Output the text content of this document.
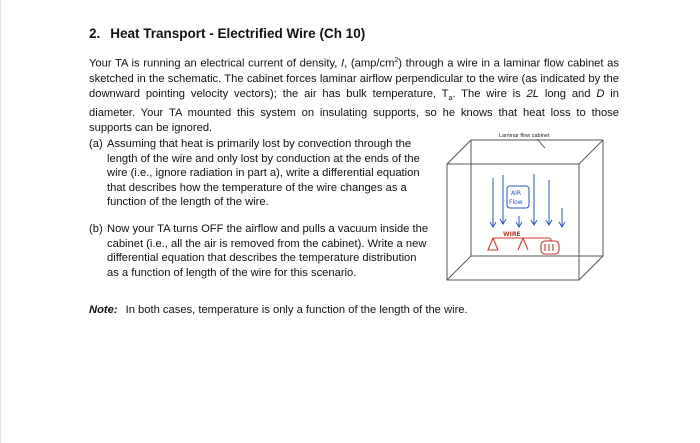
2. Heat Transport - Electrified Wire (Ch 10)
Your TA is running an electrical current of density, I, $(amp/cm^2)$ through a wire in a laminar flow cabinet as sketched in the schematic. The cabinet forces laminar airflow perpendicular to the wire (as indicated by the downward pointing velocity vectors); the air has bulk temperature, $T_a$. The wire is 2L long and D in diameter. Your TA mounted this system on insulating supports, so he knows that heat loss to those supports can be ignored.
(a) Assuming that heat is primarily lost by convection through the length of the wire and only lost by conduction at the ends of the wire (i.e., ignore radiation in part a), write a differential equation that describes how the temperature of the wire changes as a function of the length of the wire.
(b) Now your TA turns OFF the airflow and pulls a vacuum inside the cabinet (i.e., all the air is removed from the cabinet). Write a new differential equation that describes the temperature distribution as a function of length of the wire for this scenario.
Note: In both cases, temperature is only a function of the length of the wire.
Laminar flow cabinet
AIR
Flow
WIRE
